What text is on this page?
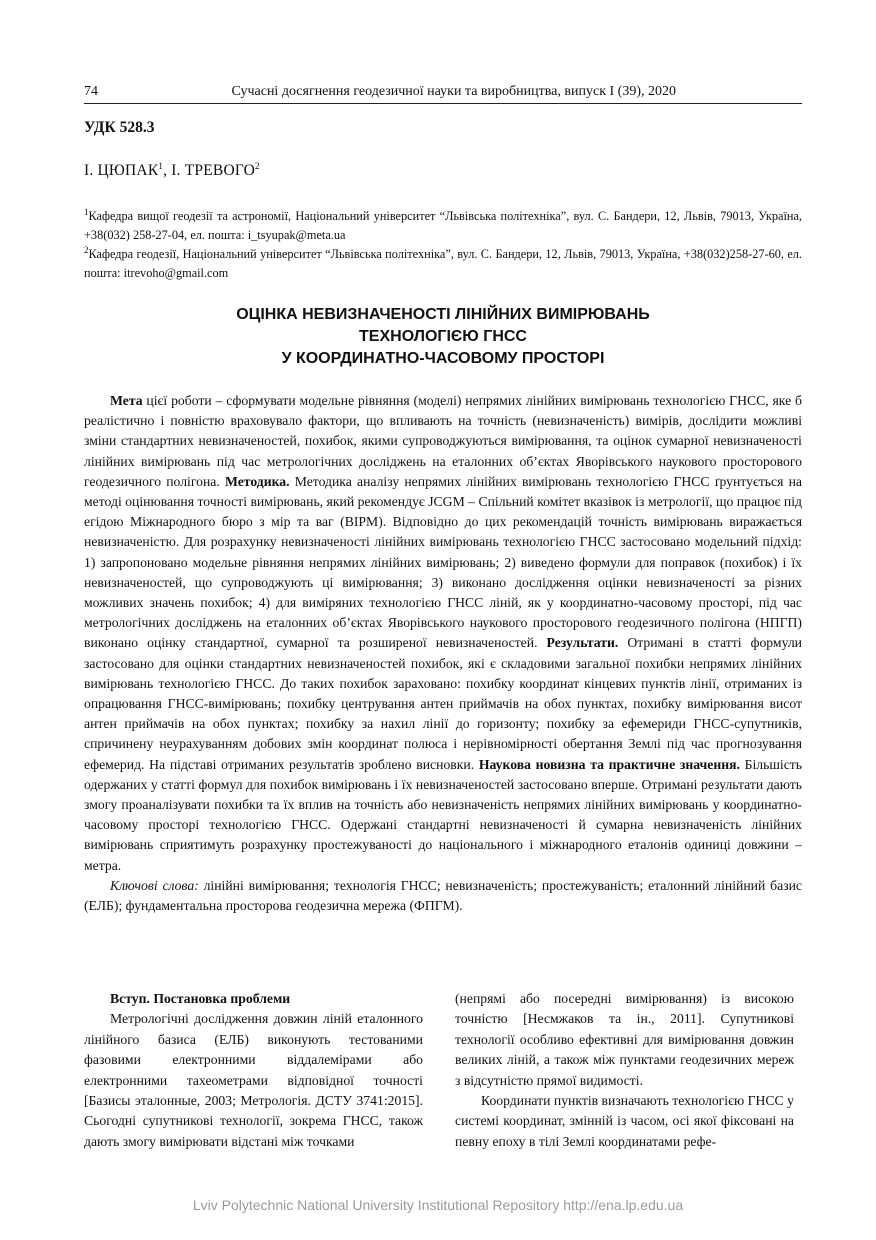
74	Сучасні досягнення геодезичної науки та виробництва, випуск І (39), 2020
УДК 528.3
І. ЦЮПАК$^1$, І. ТРЕВОГО$^2$

$^1$Кафедра вищої геодезії та астрономії, Національний університет “Львівська політехніка”, вул. С. Бандери, 12, Львів, 79013, Україна, +38(032) 258-27-04, ел. пошта: i_tsyupak@meta.ua

$^2$Кафедра геодезії, Національний університет “Львівська політехніка”, вул. С. Бандери, 12, Львів, 79013, Україна, +38(032)258-27-60, ел. пошта: itrevoho@gmail.com

ОЦІНКА НЕВИЗНАЧЕНОСТІ ЛІНІЙНИХ ВИМІРЮВАНЬ
ТЕХНОЛОГІЄЮ ГНСС
У КООРДИНАТНО-ЧАСОВОМУ ПРОСТОРІ

Мета цієї роботи – сформувати модельне рівняння (моделі) непрямих лінійних вимірювань технологією ГНСС, яке б реалістично і повністю враховувало фактори, що впливають на точність (невизначеність) вимірів, дослідити можливі зміни стандартних невизначеностей, похибок, якими супроводжуються вимірювання, та оцінок сумарної невизначеності лінійних вимірювань під час метрологічних досліджень на еталонних об’єктах Яворівського наукового просторового геодезичного полігона. Методика. Методика аналізу непрямих лінійних вимірювань технологією ГНСС ґрунтується на методі оцінювання точності вимірювань, який рекомендує JCGM – Спільний комітет вказівок із метрології, що працює під егідою Міжнародного бюро з мір та ваг (BIPM). Відповідно до цих рекомендацій точність вимірювань виражається невизначеністю. Для розрахунку невизначеності лінійних вимірювань технологією ГНСС застосовано модельний підхід: 1) запропоновано модельне рівняння непрямих лінійних вимірювань; 2) виведено формули для поправок (похибок) і їх невизначеностей, що супроводжують ці вимірювання; 3) виконано дослідження оцінки невизначеності за різних можливих значень похибок; 4) для виміряних технологією ГНСС ліній, як у координатно-часовому просторі, під час метрологічних досліджень на еталонних об’єктах Яворівського наукового просторового геодезичного полігона (НПГП) виконано оцінку стандартної, сумарної та розширеної невизначеностей. Результати. Отримані в статті формули застосовано для оцінки стандартних невизначеностей похибок, які є складовими загальної похибки непрямих лінійних вимірювань технологією ГНСС. До таких похибок зараховано: похибку координат кінцевих пунктів лінії, отриманих із опрацювання ГНСС-вимірювань; похибку центрування антен приймачів на обох пунктах, похибку вимірювання висот антен приймачів на обох пунктах; похибку за нахил лінії до горизонту; похибку за ефемериди ГНСС-супутників, спричинену неурахуванням добових змін координат полюса і нерівномірності обертання Землі під час прогнозування ефемерид. На підставі отриманих результатів зроблено висновки. Наукова новизна та практичне значення. Більшість одержаних у статті формул для похибок вимірювань і їх невизначеностей застосовано вперше. Отримані результати дають змогу проаналізувати похибки та їх вплив на точність або невизначеність непрямих лінійних вимірювань у координатно-часовому просторі технологією ГНСС. Одержані стандартні невизначеності й сумарна невизначеність лінійних вимірювань сприятимуть розрахунку простежуваності до національного і міжнародного еталонів одиниці довжини – метра.

Ключові слова: лінійні вимірювання; технологія ГНСС; невизначеність; простежуваність; еталонний лінійний базис (ЕЛБ); фундаментальна просторова геодезична мережа (ФПГМ).

Вступ. Постановка проблеми

Метрологічні дослідження довжин ліній еталонного лінійного базиса (ЕЛБ) виконують тестованими фазовими електронними віддалемірами або електронними тахеометрами відповідної точності [Базисы эталонные, 2003; Метрологія. ДСТУ 3741:2015]. Сьогодні супутникові технології, зокрема ГНСС, також дають змогу вимірювати відстані між точками

(непрямі або посередні вимірювання) із високою точністю [Несмжаков та ін., 2011]. Супутникові технології особливо ефективні для вимірювання довжин великих ліній, а також між пунктами геодезичних мереж з відсутністю прямої видимості.

Координати пунктів визначають технологією ГНСС у системі координат, змінній із часом, осі якої фіксовані на певну епоху в тілі Землі координатами рефе-

Lviv Polytechnic National University Institutional Repository http://ena.lp.edu.ua
